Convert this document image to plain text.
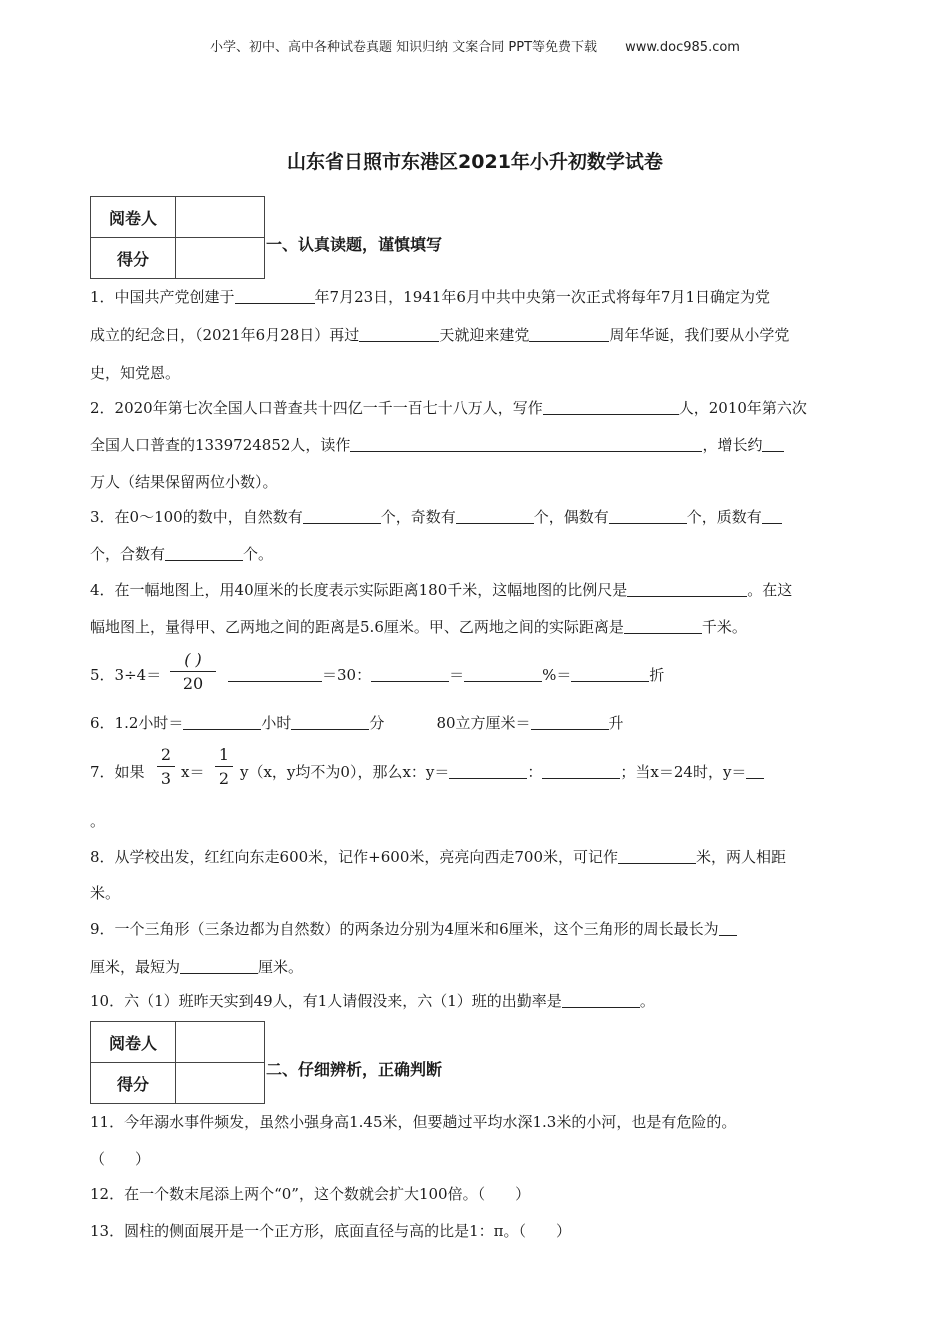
小学、初中、高中各种试卷真题 知识归纳 文案合同 PPT等免费下载 www.doc985.com
山东省日照市东港区2021年小升初数学试卷
阅卷人	
得分	
一、认真读题，谨慎填写
1．中国共产党创建于	年7月23日，1941年6月中共中央第一次正式将每年7月1日确定为党
成立的纪念日，（2021年6月28日）再过	天就迎来建党	周年华诞，我们要从小学党
史，知党恩。
2．2020年第七次全国人口普查共十四亿一千一百七十八万人，写作	人，2010年第六次
全国人口普查的1339724852人，读作	，增长约
万人（结果保留两位小数）。
3．在0～100的数中，自然数有	个，奇数有	个，偶数有	个，质数有
个，合数有	个。
4．在一幅地图上，用40厘米的长度表示实际距离180千米，这幅地图的比例尺是	。在这
幅地图上，量得甲、乙两地之间的距离是5.6厘米。甲、乙两地之间的实际距离是	千米。
5．3÷4＝
( )
20	＝30：	＝	%＝	折
6．1.2小时＝	小时	分	80立方厘米＝	升
7．如果
2
3 x＝
1
2 y（x，y均不为0），那么x：y＝	：	；当x＝24时，y＝
。
8．从学校出发，红红向东走600米，记作+600米，亮亮向西走700米，可记作	米，两人相距
米。
9．一个三角形（三条边都为自然数）的两条边分别为4厘米和6厘米，这个三角形的周长最长为
厘米，最短为	厘米。
10．六（1）班昨天实到49人，有1人请假没来，六（1）班的出勤率是	。
阅卷人	
得分	
二、仔细辨析，正确判断
11．今年溺水事件频发，虽然小强身高1.45米，但要趟过平均水深1.3米的小河，也是有危险的。
（　　）
12．在一个数末尾添上两个“0”，这个数就会扩大100倍。（　　）
13．圆柱的侧面展开是一个正方形，底面直径与高的比是1：π。（　　）
